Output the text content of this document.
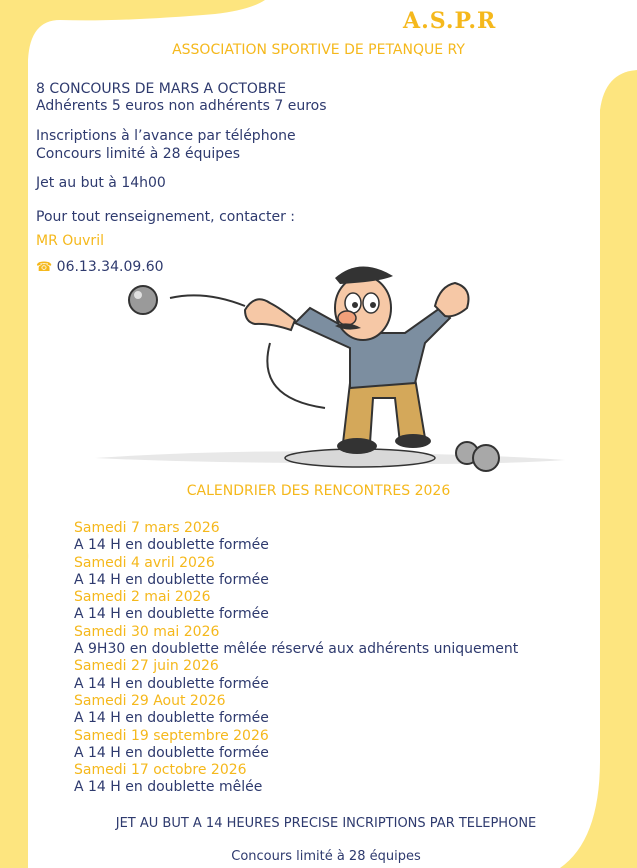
A.S.P.R
ASSOCIATION SPORTIVE DE PETANQUE RY
8 CONCOURS DE MARS A OCTOBRE
Adhérents 5 euros non adhérents 7 euros
Inscriptions à l’avance par téléphone
Concours limité à 28 équipes
Jet au but à 14h00
Pour tout renseignement, contacter :
MR Ouvril
☎ 06.13.34.09.60
CALENDRIER DES RENCONTRES 2026
Samedi 7 mars 2026
A 14 H en doublette formée
Samedi 4 avril 2026
A 14 H en doublette formée
Samedi 2 mai 2026
A 14 H en doublette formée
Samedi 30 mai 2026
A 9H30 en doublette mêlée réservé aux adhérents uniquement
Samedi 27 juin 2026
A 14 H en doublette formée
Samedi 29 Aout 2026
A 14 H en doublette formée
Samedi 19 septembre 2026
A 14 H en doublette formée
Samedi 17 octobre 2026
A 14 H en doublette mêlée
JET AU BUT A 14 HEURES PRECISE INCRIPTIONS PAR TELEPHONE
Concours limité à 28 équipes
